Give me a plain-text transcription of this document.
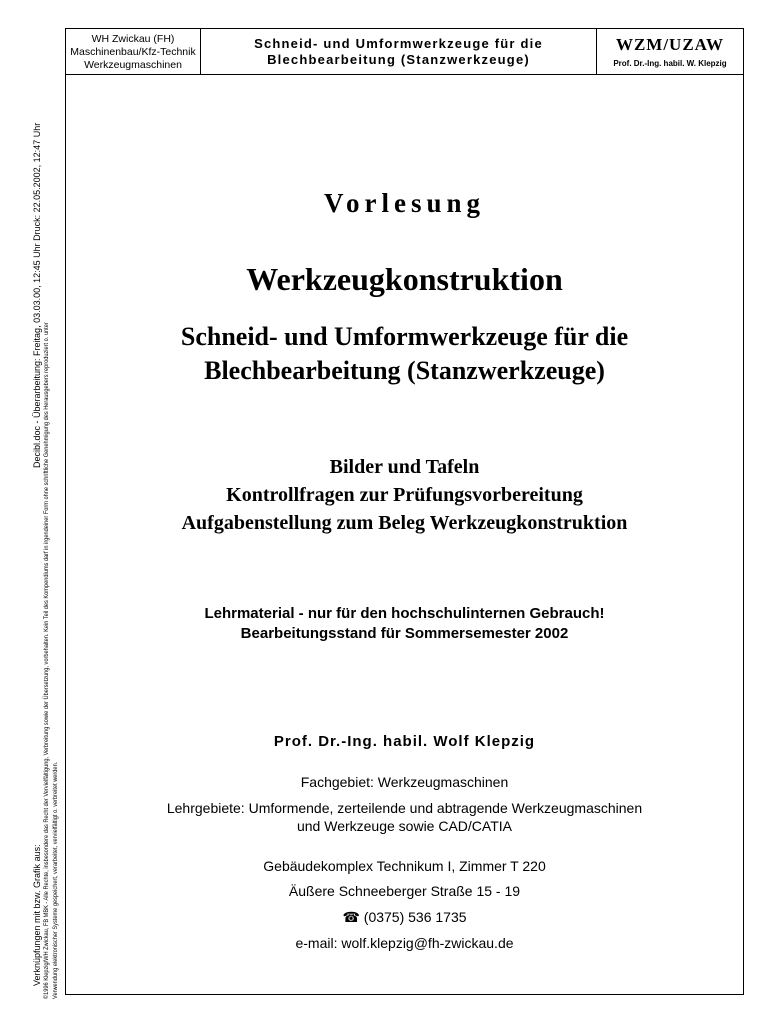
Decibl.doc - Überarbeitung: Freitag, 03.03.00, 12:45 Uhr Druck: 22.05.2002, 12:47 Uhr
©1996 Klepzig/WH Zwickau, FB MBK - Alle Rechte, insbesondere das Recht der Vervielfältigung, Verbreitung sowie der Übersetzung, vorbehalten. Kein Teil des Kompendiums darf in irgendeiner Form ohne schriftliche Genehmigung des Herausgebers reproduziert o. unter Verwendung elektronischer Systeme gespeichert, verarbeitet, vervielfältigt o. verbreitet werden.
Verknüpfungen mit bzw. Grafik aus:
WH Zwickau (FH)
Maschinenbau/Kfz-Technik
Werkzeugmaschinen
Schneid- und Umformwerkzeuge für die
Blechbearbeitung (Stanzwerkzeuge)
WZM/UZAW
Prof. Dr.-Ing. habil. W. Klepzig
Vorlesung
Werkzeugkonstruktion
Schneid- und Umformwerkzeuge für die
Blechbearbeitung (Stanzwerkzeuge)
Bilder und Tafeln
Kontrollfragen zur Prüfungsvorbereitung
Aufgabenstellung zum Beleg Werkzeugkonstruktion
Lehrmaterial - nur für den hochschulinternen Gebrauch!
Bearbeitungsstand für Sommersemester 2002
Prof. Dr.-Ing. habil. Wolf Klepzig
Fachgebiet: Werkzeugmaschinen
Lehrgebiete: Umformende, zerteilende und abtragende Werkzeugmaschinen
und Werkzeuge sowie CAD/CATIA
Gebäudekomplex Technikum I, Zimmer T 220
Äußere Schneeberger Straße 15 - 19
☎ (0375) 536 1735
e-mail: wolf.klepzig@fh-zwickau.de
